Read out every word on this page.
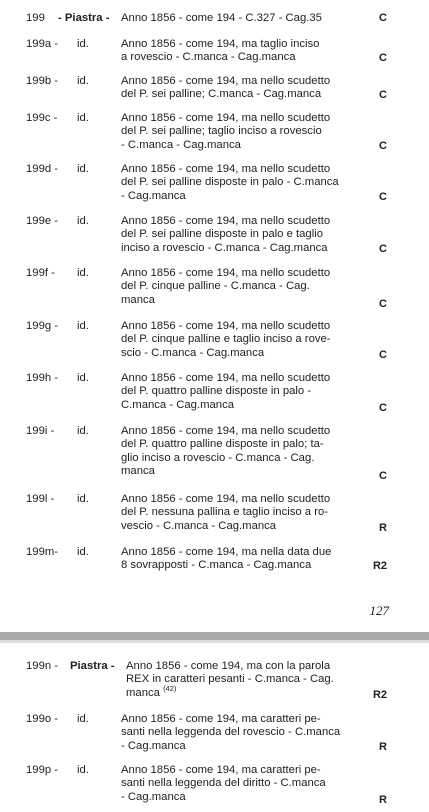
199 - Piastra - Anno 1856 - come 194 - C.327 - Cag.35	C
199a - id.	Anno 1856 - come 194, ma taglio inciso
a rovescio - C.manca - Cag.manca	C
199b - id.	Anno 1856 - come 194, ma nello scudetto
del P. sei palline; C.manca - Cag.manca	C
199c - id.	Anno 1856 - come 194, ma nello scudetto
del P. sei palline; taglio inciso a rovescio
- C.manca - Cag.manca	C
199d - id.	Anno 1856 - come 194, ma nello scudetto
del P. sei palline disposte in palo - C.manca
- Cag.manca	C
199e - id.	Anno 1856 - come 194, ma nello scudetto
del P. sei palline disposte in palo e taglio
inciso a rovescio - C.manca - Cag.manca	C
199f - id.	Anno 1856 - come 194, ma nello scudetto
del P. cinque palline - C.manca - Cag.
manca	C
199g - id.	Anno 1856 - come 194, ma nello scudetto
del P. cinque palline e taglio inciso a rove-
scio - C.manca - Cag.manca	C
199h - id.	Anno 1856 - come 194, ma nello scudetto
del P. quattro palline disposte in palo -
C.manca - Cag.manca	C
199i - id.	Anno 1856 - come 194, ma nello scudetto
del P. quattro palline disposte in palo; ta-
glio inciso a rovescio - C.manca - Cag.
manca	C
199l - id.	Anno 1856 - come 194, ma nello scudetto
del P. nessuna pallina e taglio inciso a ro-
vescio - C.manca - Cag.manca	R
199m- id.	Anno 1856 - come 194, ma nella data due
8 sovrapposti - C.manca - Cag.manca	R2
127
199n - Piastra - Anno 1856 - come 194, ma con la parola
REX in caratteri pesanti - C.manca - Cag.
manca $^{(42)}$
R2
199o - id.	Anno 1856 - come 194, ma caratteri pe-
santi nella leggenda del rovescio - C.manca
- Cag.manca	R
199p - id.	Anno 1856 - come 194, ma caratteri pe-
santi nella leggenda del diritto - C.manca
- Cag.manca	R
